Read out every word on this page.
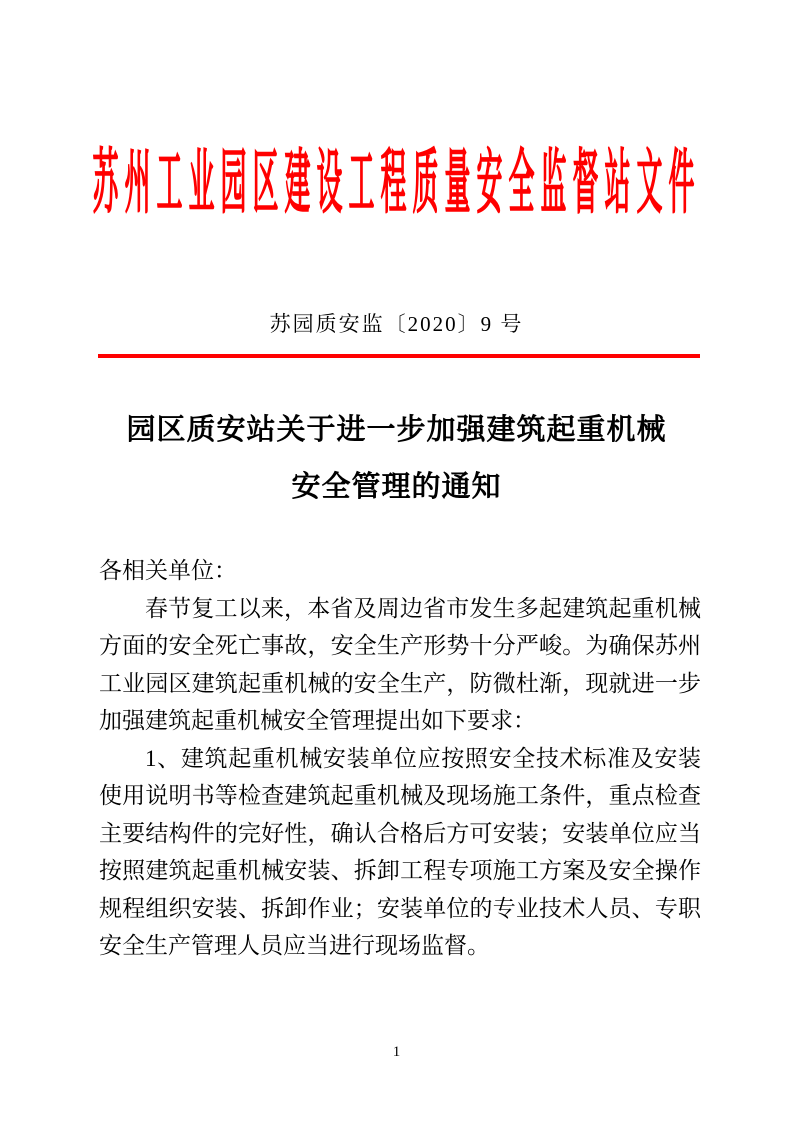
苏州工业园区建设工程质量安全监督站文件
苏园质安监〔2020〕9 号
园区质安站关于进一步加强建筑起重机械
安全管理的通知

各相关单位：

春节复工以来，本省及周边省市发生多起建筑起重机械方面的安全死亡事故，安全生产形势十分严峻。为确保苏州工业园区建筑起重机械的安全生产，防微杜渐，现就进一步加强建筑起重机械安全管理提出如下要求：

1、建筑起重机械安装单位应按照安全技术标准及安装使用说明书等检查建筑起重机械及现场施工条件，重点检查主要结构件的完好性，确认合格后方可安装；安装单位应当按照建筑起重机械安装、拆卸工程专项施工方案及安全操作规程组织安装、拆卸作业；安装单位的专业技术人员、专职安全生产管理人员应当进行现场监督。

1
